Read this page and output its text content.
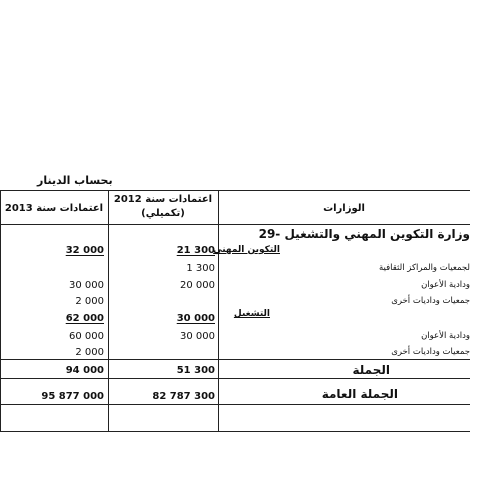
بحساب الدينار
اعتمادات سنة 2013
اعتمادات سنة 2012
(تكميلي)	الوزارات
29- وزارة التكوين المهني والتشغيل
التكوين المهني
21 300
32 000
لجمعيات والمراكز الثقافية
1 300
ودادية الأعوان
20 000
30 000
جمعيات وداديات أخرى
2 000
التشغيل
30 000
62 000
ودادية الأعوان
30 000
60 000
جمعيات وداديات أخرى
2 000
الجملة
51 300
94 000
الجملة العامة
82 787 300
95 877 000
